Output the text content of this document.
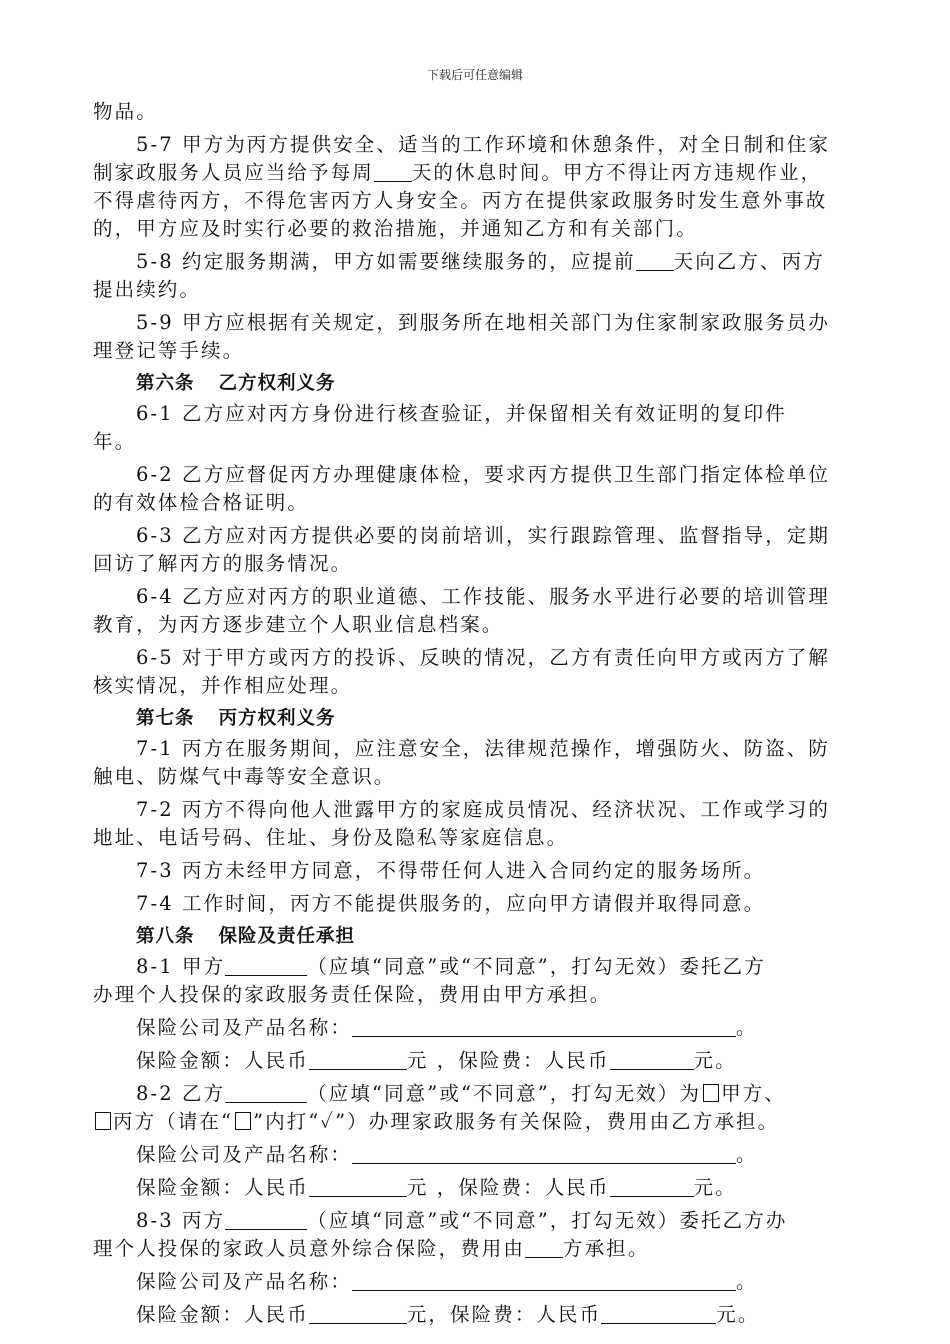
下载后可任意编辑
物品。
5-7 甲方为丙方提供安全、适当的工作环境和休憩条件，对全日制和住家
制家政服务人员应当给予每周 天的休息时间。甲方不得让丙方违规作业，
不得虐待丙方，不得危害丙方人身安全。丙方在提供家政服务时发生意外事故
的，甲方应及时实行必要的救治措施，并通知乙方和有关部门。
5-8 约定服务期满，甲方如需要继续服务的，应提前 天向乙方、丙方
提出续约。
5-9 甲方应根据有关规定，到服务所在地相关部门为住家制家政服务员办
理登记等手续。
第六条 乙方权利义务
6-1 乙方应对丙方身份进行核查验证，并保留相关有效证明的复印件
年。
6-2 乙方应督促丙方办理健康体检，要求丙方提供卫生部门指定体检单位
的有效体检合格证明。
6-3 乙方应对丙方提供必要的岗前培训，实行跟踪管理、监督指导，定期
回访了解丙方的服务情况。
6-4 乙方应对丙方的职业道德、工作技能、服务水平进行必要的培训管理
教育，为丙方逐步建立个人职业信息档案。
6-5 对于甲方或丙方的投诉、反映的情况，乙方有责任向甲方或丙方了解
核实情况，并作相应处理。
第七条 丙方权利义务
7-1 丙方在服务期间，应注意安全，法律规范操作，增强防火、防盗、防
触电、防煤气中毒等安全意识。
7-2 丙方不得向他人泄露甲方的家庭成员情况、经济状况、工作或学习的
地址、电话号码、住址、身份及隐私等家庭信息。
7-3 丙方未经甲方同意，不得带任何人进入合同约定的服务场所。
7-4 工作时间，丙方不能提供服务的，应向甲方请假并取得同意。
第八条 保险及责任承担
8-1 甲方	（应填“同意”或“不同意”，打勾无效）委托乙方
办理个人投保的家政服务责任保险，费用由甲方承担。
保险公司及产品名称：	。
保险金额：人民币	元 ，保险费：人民币	元。
8-2 乙方	（应填“同意”或“不同意”，打勾无效）为 甲方、
丙方（请在“ ”内打“✓”）办理家政服务有关保险，费用由乙方承担。
保险公司及产品名称：	。
保险金额：人民币	元 ，保险费：人民币	元。
8-3 丙方	（应填“同意”或“不同意”，打勾无效）委托乙方办
理个人投保的家政人员意外综合保险，费用由 方承担。
保险公司及产品名称：	。
保险金额：人民币	元，保险费：人民币	元。
